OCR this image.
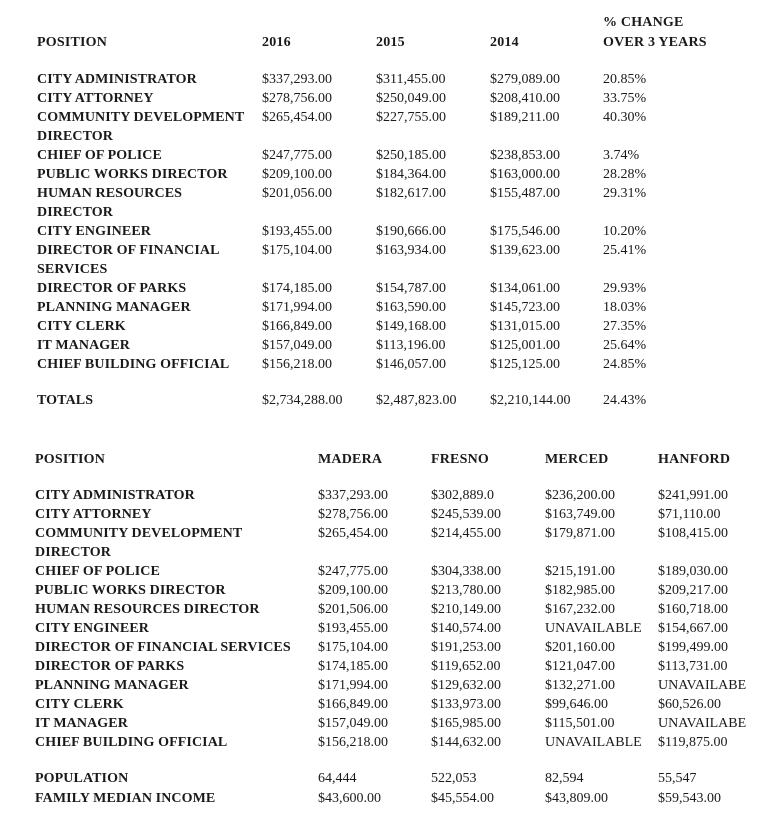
POSITION	2016	2015	2014
% CHANGE
OVER 3 YEARS
CITY ADMINISTRATOR	$337,293.00	$311,455.00	$279,089.00	20.85%
CITY ATTORNEY	$278,756.00	$250,049.00	$208,410.00	33.75%
COMMUNITY DEVELOPMENT
DIRECTOR
$265,454.00	$227,755.00	$189,211.00	40.30%
CHIEF OF POLICE	$247,775.00	$250,185.00	$238,853.00	3.74%
PUBLIC WORKS DIRECTOR $209,100.00	$184,364.00	$163,000.00	28.28%
HUMAN RESOURCES
DIRECTOR
$201,056.00	$182,617.00	$155,487.00	29.31%
CITY ENGINEER	$193,455.00	$190,666.00	$175,546.00	10.20%
DIRECTOR OF FINANCIAL
SERVICES
$175,104.00	$163,934.00	$139,623.00	25.41%
DIRECTOR OF PARKS	$174,185.00	$154,787.00	$134,061.00	29.93%
PLANNING MANAGER	$171,994.00	$163,590.00	$145,723.00	18.03%
CITY CLERK	$166,849.00	$149,168.00	$131,015.00	27.35%
IT MANAGER	$157,049.00	$113,196.00	$125,001.00	25.64%
CHIEF BUILDING OFFICIAL $156,218.00	$146,057.00	$125,125.00	24.85%
TOTALS	$2,734,288.00 $2,487,823.00 $2,210,144.00 24.43%
POSITION	MADERA	FRESNO	MERCED	HANFORD
CITY ADMINISTRATOR	$337,293.00	$302,889.0	$236,200.00	$241,991.00
CITY ATTORNEY	$278,756.00	$245,539.00	$163,749.00	$71,110.00
COMMUNITY DEVELOPMENT
DIRECTOR
$265,454.00	$214,455.00	$179,871.00	$108,415.00
CHIEF OF POLICE	$247,775.00	$304,338.00	$215,191.00	$189,030.00
PUBLIC WORKS DIRECTOR	$209,100.00	$213,780.00	$182,985.00	$209,217.00
HUMAN RESOURCES DIRECTOR	$201,506.00	$210,149.00	$167,232.00	$160,718.00
CITY ENGINEER	$193,455.00	$140,574.00	UNAVAILABLE $154,667.00
DIRECTOR OF FINANCIAL SERVICES $175,104.00	$191,253.00	$201,160.00	$199,499.00
DIRECTOR OF PARKS	$174,185.00	$119,652.00	$121,047.00	$113,731.00
PLANNING MANAGER	$171,994.00	$129,632.00	$132,271.00	UNAVAILABE
CITY CLERK	$166,849.00	$133,973.00	$99,646.00	$60,526.00
IT MANAGER	$157,049.00	$165,985.00	$115,501.00	UNAVAILABE
CHIEF BUILDING OFFICIAL	$156,218.00	$144,632.00	UNAVAILABLE $119,875.00
POPULATION	64,444	522,053	82,594	55,547
FAMILY MEDIAN INCOME	$43,600.00	$45,554.00	$43,809.00	$59,543.00
